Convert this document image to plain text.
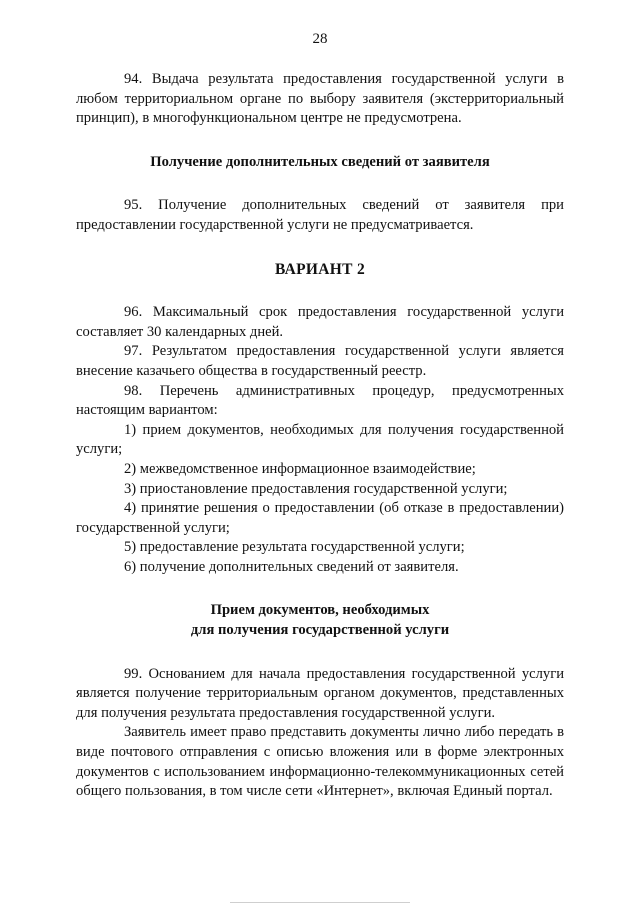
28

94. Выдача результата предоставления государственной услуги в любом территориальном органе по выбору заявителя (экстерриториальный принцип), в многофункциональном центре не предусмотрена.

Получение дополнительных сведений от заявителя

95. Получение дополнительных сведений от заявителя при предоставлении государственной услуги не предусматривается.

ВАРИАНТ 2

96. Максимальный срок предоставления государственной услуги составляет 30 календарных дней.

97. Результатом предоставления государственной услуги является внесение казачьего общества в государственный реестр.

98. Перечень административных процедур, предусмотренных настоящим вариантом:

1) прием документов, необходимых для получения государственной услуги;

2) межведомственное информационное взаимодействие;

3) приостановление предоставления государственной услуги;

4) принятие решения о предоставлении (об отказе в предоставлении) государственной услуги;

5) предоставление результата государственной услуги;

6) получение дополнительных сведений от заявителя.

Прием документов, необходимых

для получения государственной услуги

99. Основанием для начала предоставления государственной услуги является получение территориальным органом документов, представленных для получения результата предоставления государственной услуги.

Заявитель имеет право представить документы лично либо передать в виде почтового отправления с описью вложения или в форме электронных документов с использованием информационно-телекоммуникационных сетей общего пользования, в том числе сети «Интернет», включая Единый портал.
